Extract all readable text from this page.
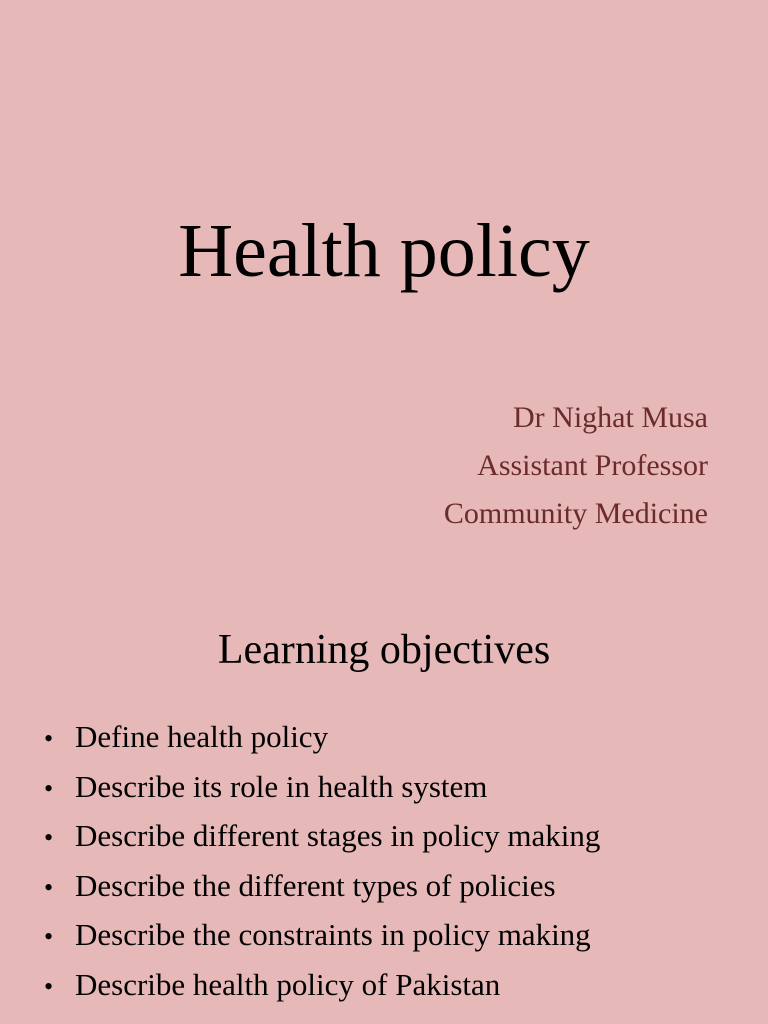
Health policy
Dr Nighat Musa
Assistant Professor
Community Medicine
Learning objectives
• Define health policy
• Describe its role in health system
• Describe different stages in policy making
• Describe the different types of policies
• Describe the constraints in policy making
• Describe health policy of Pakistan
